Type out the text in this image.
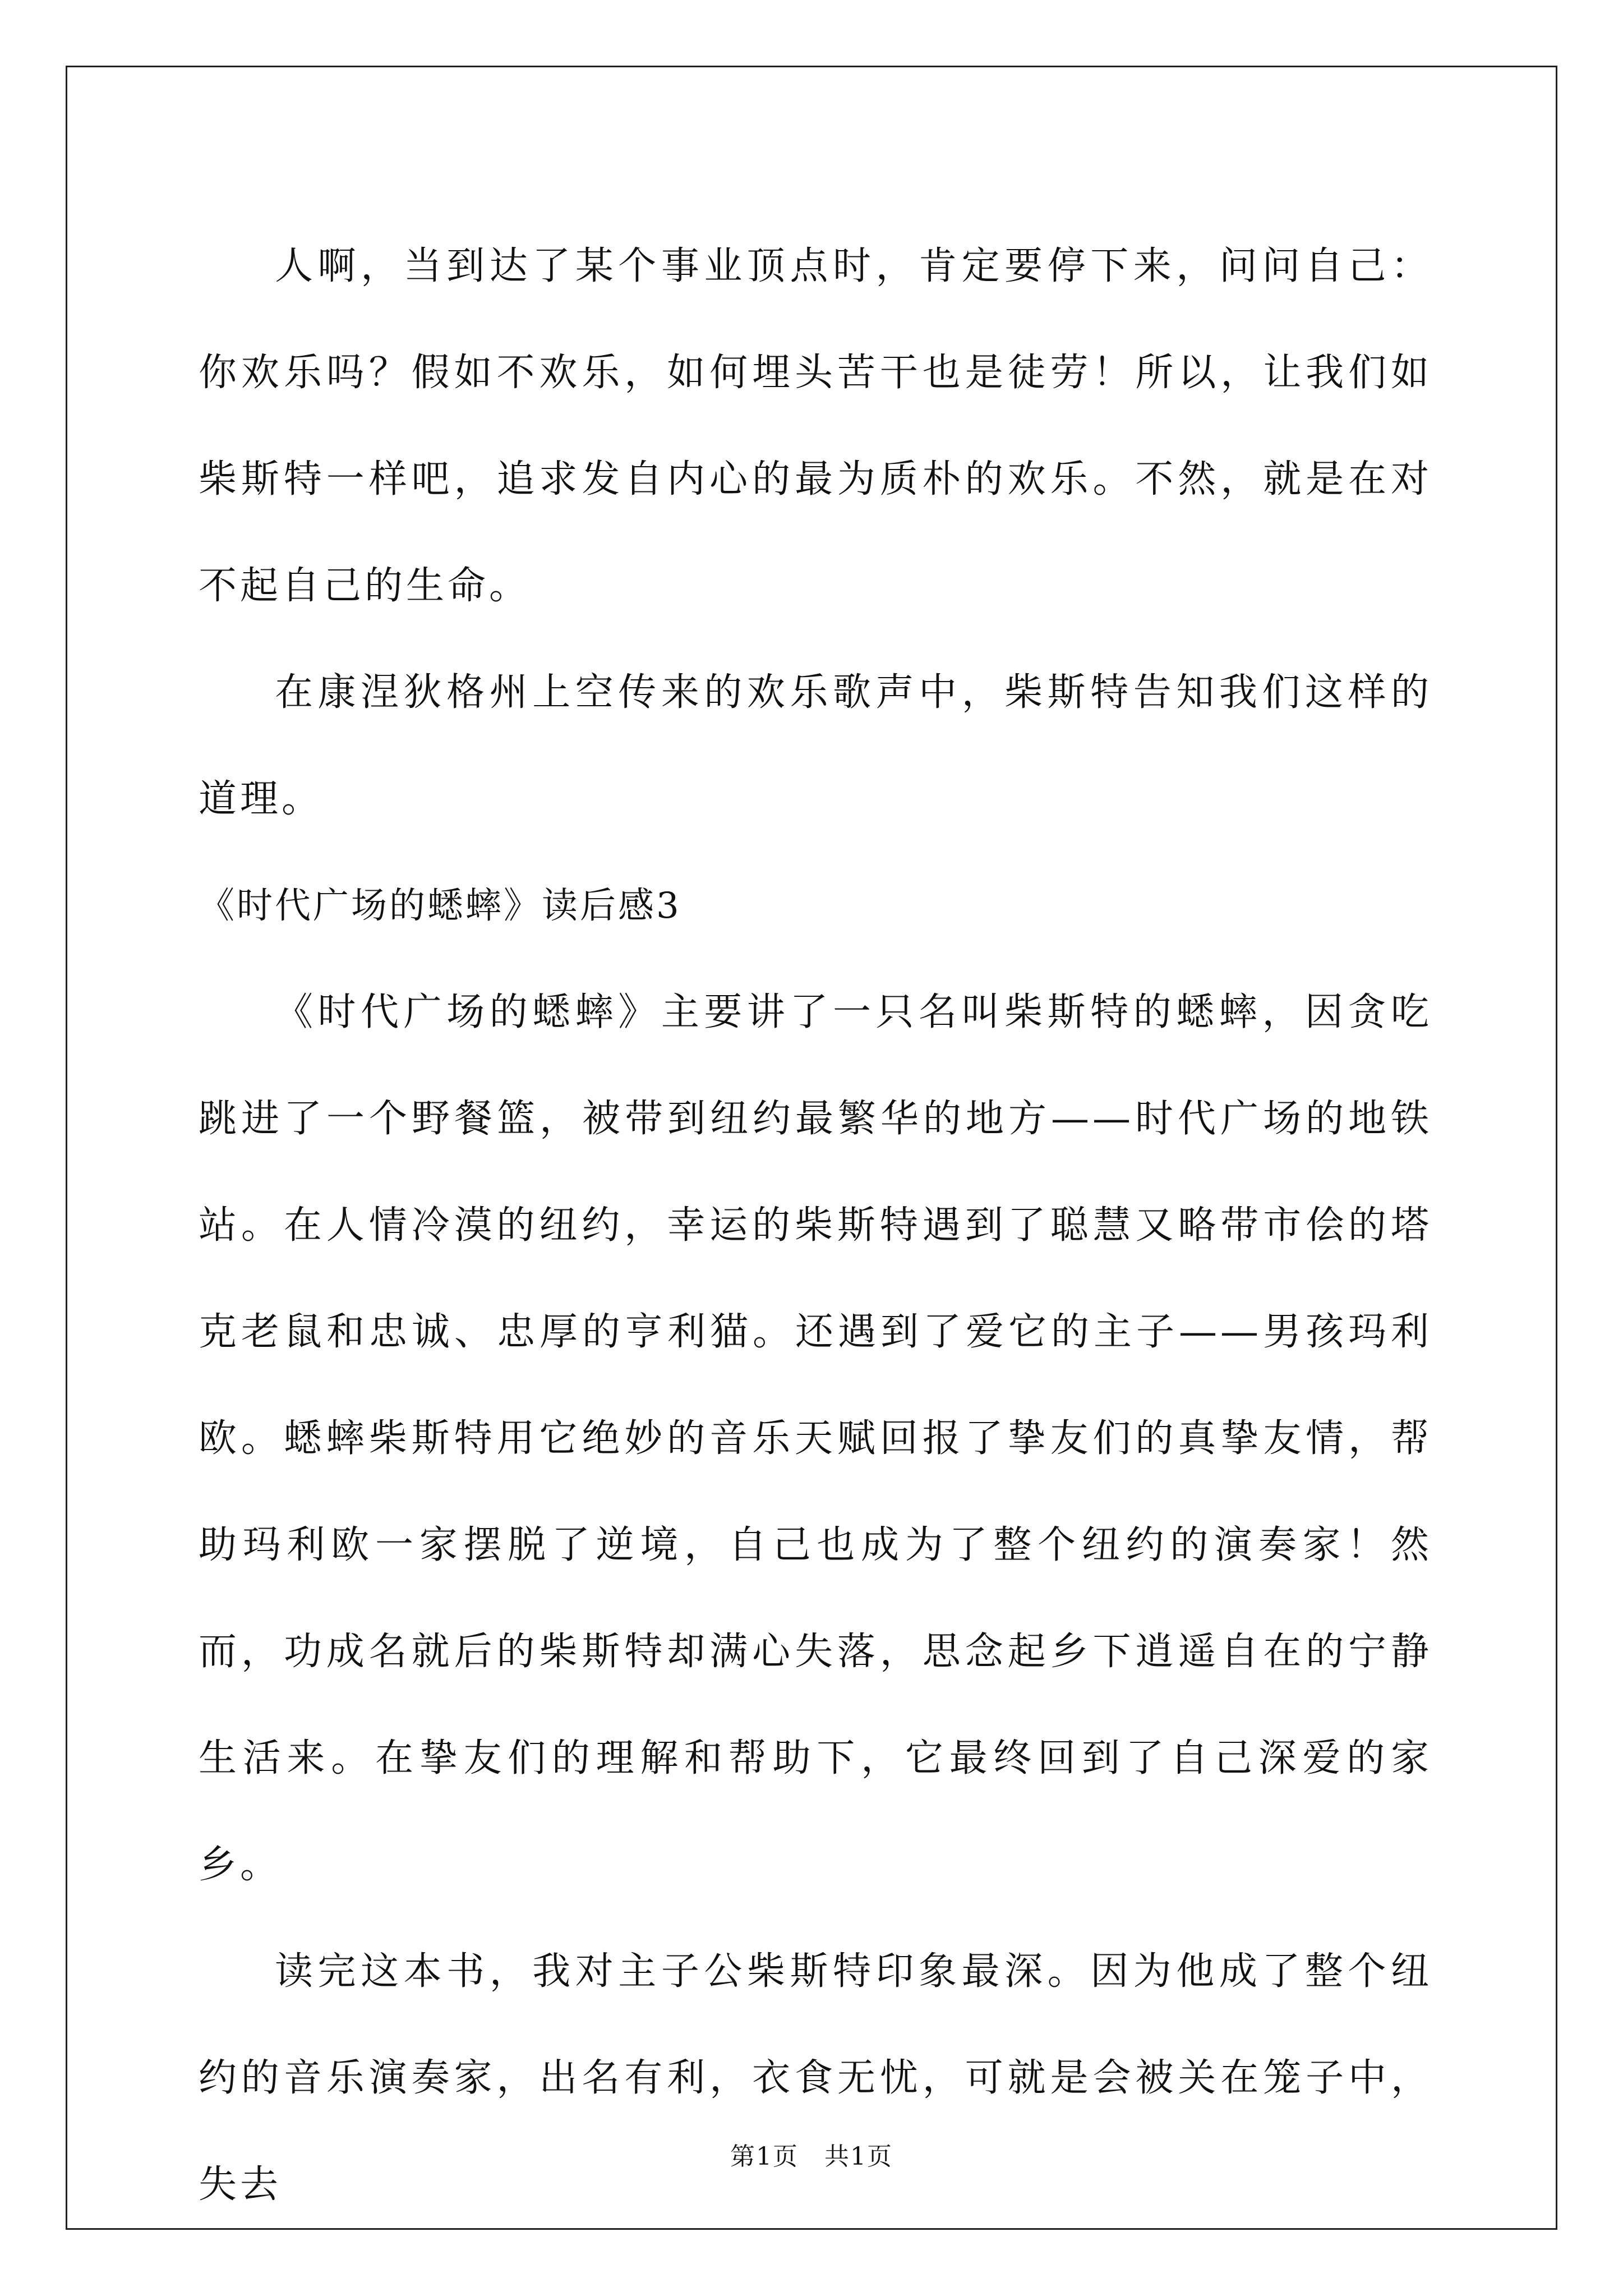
人啊，当到达了某个事业顶点时，肯定要停下来，问问自己：你欢乐吗？假如不欢乐，如何埋头苦干也是徒劳！所以，让我们如柴斯特一样吧，追求发自内心的最为质朴的欢乐。不然，就是在对不起自己的生命。

在康涅狄格州上空传来的欢乐歌声中，柴斯特告知我们这样的道理。

《时代广场的蟋蟀》读后感3

《时代广场的蟋蟀》主要讲了一只名叫柴斯特的蟋蟀，因贪吃跳进了一个野餐篮，被带到纽约最繁华的地方——时代广场的地铁站。在人情冷漠的纽约，幸运的柴斯特遇到了聪慧又略带市侩的塔克老鼠和忠诚、忠厚的亨利猫。还遇到了爱它的主子——男孩玛利欧。蟋蟀柴斯特用它绝妙的音乐天赋回报了挚友们的真挚友情，帮助玛利欧一家摆脱了逆境，自己也成为了整个纽约的演奏家！然而，功成名就后的柴斯特却满心失落，思念起乡下逍遥自在的宁静生活来。在挚友们的理解和帮助下，它最终回到了自己深爱的家乡。

读完这本书，我对主子公柴斯特印象最深。因为他成了整个纽约的音乐演奏家，出名有利，衣食无忧，可就是会被关在笼子中，失去

第1页　共1页
